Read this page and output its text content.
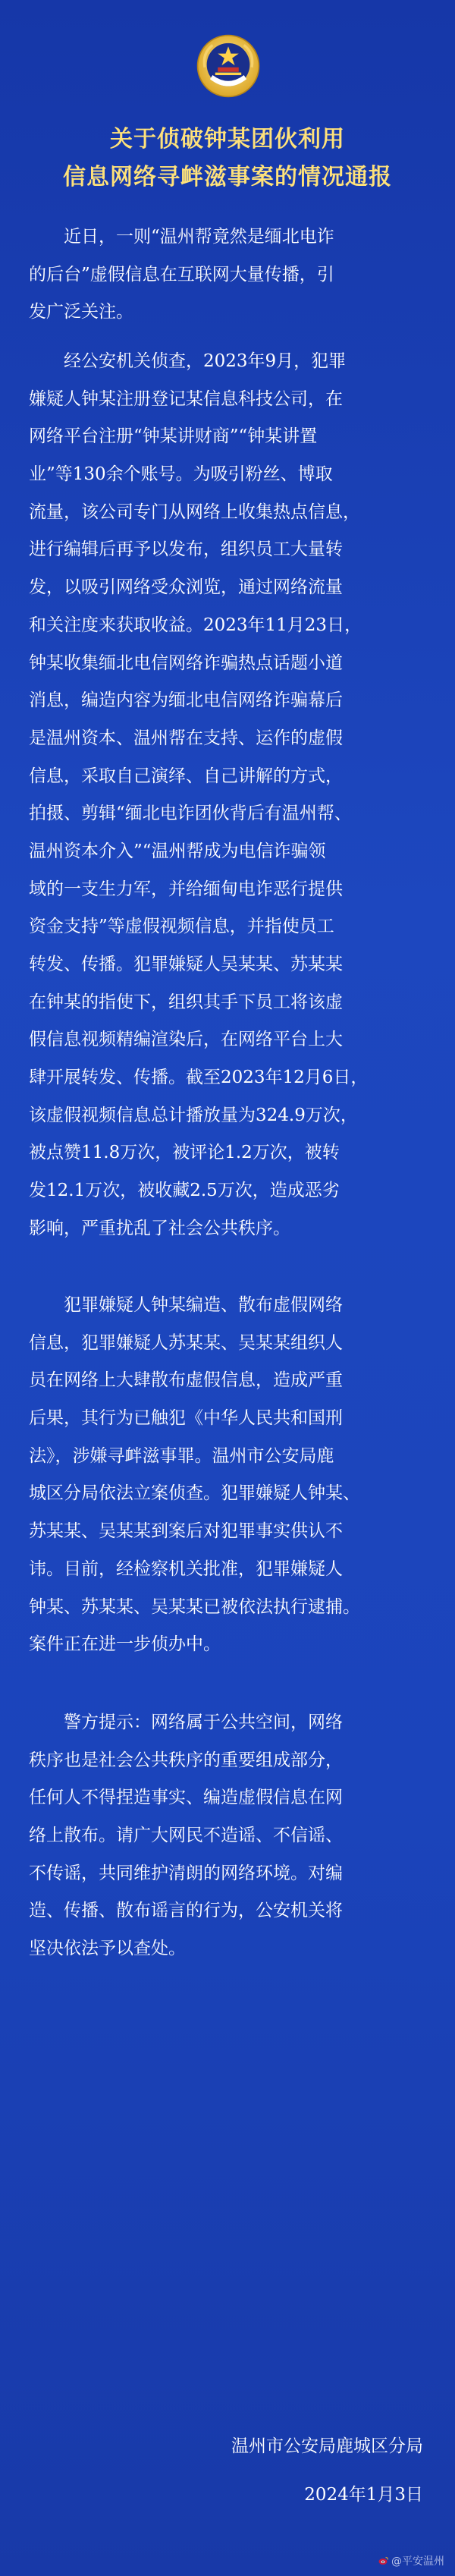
关于侦破钟某团伙利用
信息网络寻衅滋事案的情况通报
　　近日，一则“温州帮竟然是缅北电诈
的后台”虚假信息在互联网大量传播，引
发广泛关注。
　　经公安机关侦查，2023年9月，犯罪
嫌疑人钟某注册登记某信息科技公司，在
网络平台注册“钟某讲财商”“钟某讲置
业”等130余个账号。为吸引粉丝、博取
流量，该公司专门从网络上收集热点信息，
进行编辑后再予以发布，组织员工大量转
发，以吸引网络受众浏览，通过网络流量
和关注度来获取收益。2023年11月23日，
钟某收集缅北电信网络诈骗热点话题小道
消息，编造内容为缅北电信网络诈骗幕后
是温州资本、温州帮在支持、运作的虚假
信息，采取自己演绎、自己讲解的方式，
拍摄、剪辑“缅北电诈团伙背后有温州帮、
温州资本介入”“温州帮成为电信诈骗领
域的一支生力军，并给缅甸电诈恶行提供
资金支持”等虚假视频信息，并指使员工
转发、传播。犯罪嫌疑人吴某某、苏某某
在钟某的指使下，组织其手下员工将该虚
假信息视频精编渲染后，在网络平台上大
肆开展转发、传播。截至2023年12月6日，
该虚假视频信息总计播放量为324.9万次，
被点赞11.8万次，被评论1.2万次，被转
发12.1万次，被收藏2.5万次，造成恶劣
影响，严重扰乱了社会公共秩序。
　　犯罪嫌疑人钟某编造、散布虚假网络
信息，犯罪嫌疑人苏某某、吴某某组织人
员在网络上大肆散布虚假信息，造成严重
后果，其行为已触犯《中华人民共和国刑
法》，涉嫌寻衅滋事罪。温州市公安局鹿
城区分局依法立案侦查。犯罪嫌疑人钟某、
苏某某、吴某某到案后对犯罪事实供认不
讳。目前，经检察机关批准，犯罪嫌疑人
钟某、苏某某、吴某某已被依法执行逮捕。
案件正在进一步侦办中。
　　警方提示：网络属于公共空间，网络
秩序也是社会公共秩序的重要组成部分，
任何人不得捏造事实、编造虚假信息在网
络上散布。请广大网民不造谣、不信谣、
不传谣，共同维护清朗的网络环境。对编
造、传播、散布谣言的行为，公安机关将
坚决依法予以查处。
温州市公安局鹿城区分局
2024年1月3日
@平安温州
